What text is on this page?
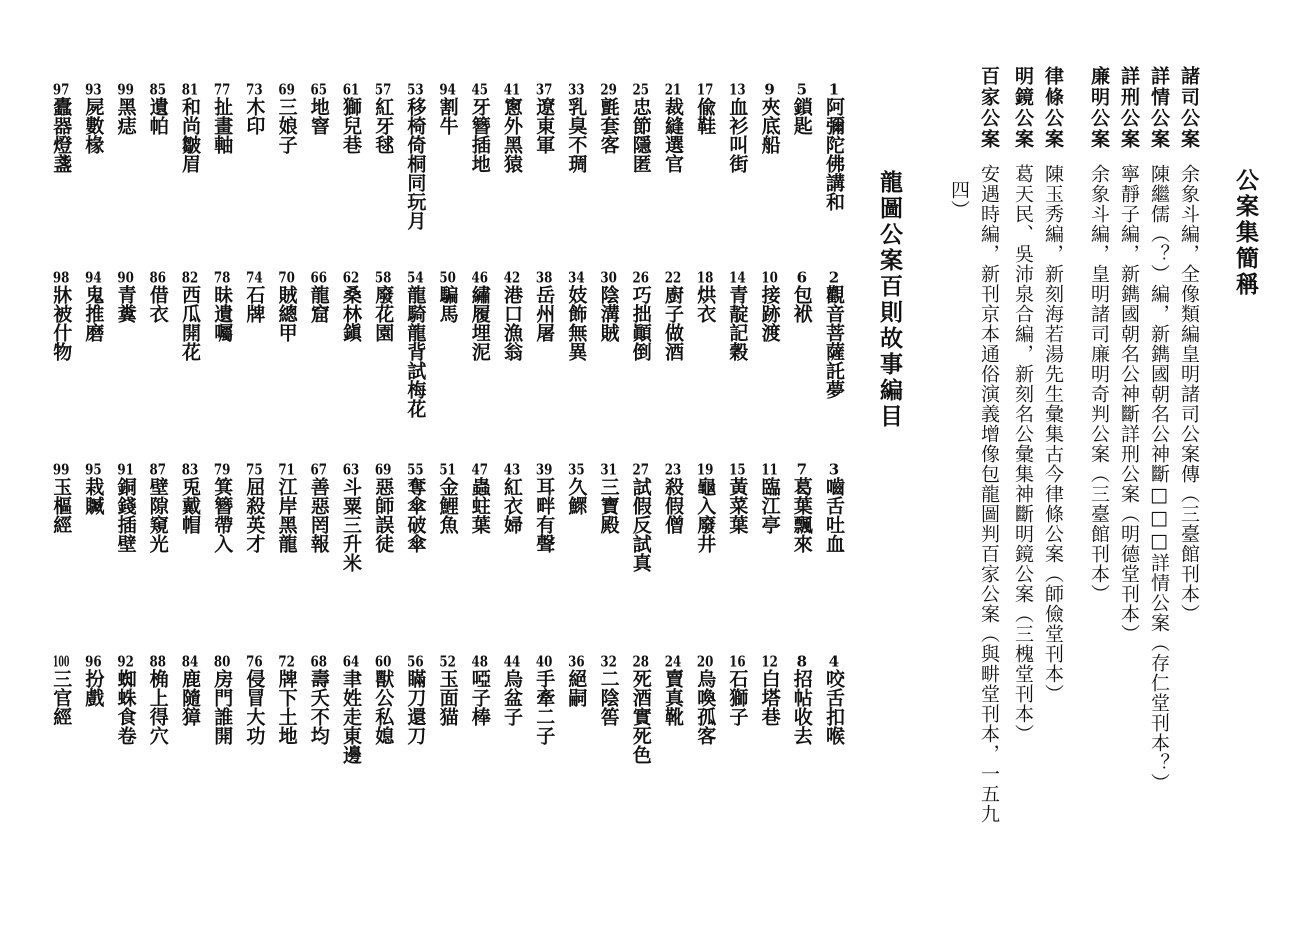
公案集簡稱
諸司公案余象斗編，全像類編皇明諸司公案傳（三臺館刊本）
詳情公案陳繼儒（？）編，新鐫國朝名公神斷□□□詳情公案（存仁堂刊本？）
詳刑公案寧靜子編，新鐫國朝名公神斷詳刑公案（明德堂刊本）
廉明公案余象斗編，皇明諸司廉明奇判公案（三臺館刊本）
律條公案陳玉秀編，新刻海若湯先生彙集古今律條公案（師儉堂刊本）
明鏡公案葛天民、吳沛泉合編，新刻名公彙集神斷明鏡公案（三槐堂刊本）
百家公案安遇時編，新刊京本通俗演義增像包龍圖判百家公案（與畊堂刊本，一五九
四）
龍圖公案百則故事編目
1阿彌陀佛講和
2觀音菩薩託夢
3嚙舌吐血
4咬舌扣喉
5鎖匙
6包袱
7葛葉飄來
8招帖收去
9夾底船
10接跡渡
11臨江亭
12白塔巷
13血衫叫街
14青靛記穀
15黃菜葉
16石獅子
17偸鞋
18烘衣
19龜入廢井
20烏喚孤客
21裁縫選官
22廚子做酒
23殺假僧
24賣真靴
25忠節隱匿
26巧拙顚倒
27試假反試真
28死酒實死色
29氈套客
30陰溝賊
31三寶殿
32二陰筶
33乳臭不琱
34妓飾無異
35久鰥
36絕嗣
37遼東軍
38岳州屠
39耳畔有聲
40手牽二子
41窻外黑猿
42港口漁翁
43紅衣婦
44烏盆子
45牙簪插地
46繡履埋泥
47蟲蛀葉
48啞子棒
94割牛
50騙馬
51金鯉魚
52玉面猫
53移椅倚桐同玩月
54龍騎龍背試梅花
55奪傘破傘
56瞞刀還刀
57紅牙毬
58廢花園
69惡師誤徒
60獸公私媳
61獅兒巷
62桑林鎭
63斗粟三升米
64聿姓走東邊
65地窨
66龍窟
67善惡罔報
68壽夭不均
69三娘子
70賊總甲
71江岸黑龍
72牌下土地
73木印
74石牌
75屈殺英才
76侵冒大功
77扯畫軸
78昧遺囑
79箕簪帶入
80房門誰開
81和尚皺眉
82西瓜開花
83兎戴帽
84鹿隨獐
85遺帕
86借衣
87壁隙窺光
88桷上得穴
99黑痣
90青糞
91銅錢插壁
92蜘蛛食卷
93屍數椽
94鬼推磨
95栽贓
96扮戲
97蠹器燈盞
98牀被什物
99玉樞經
100三官經
